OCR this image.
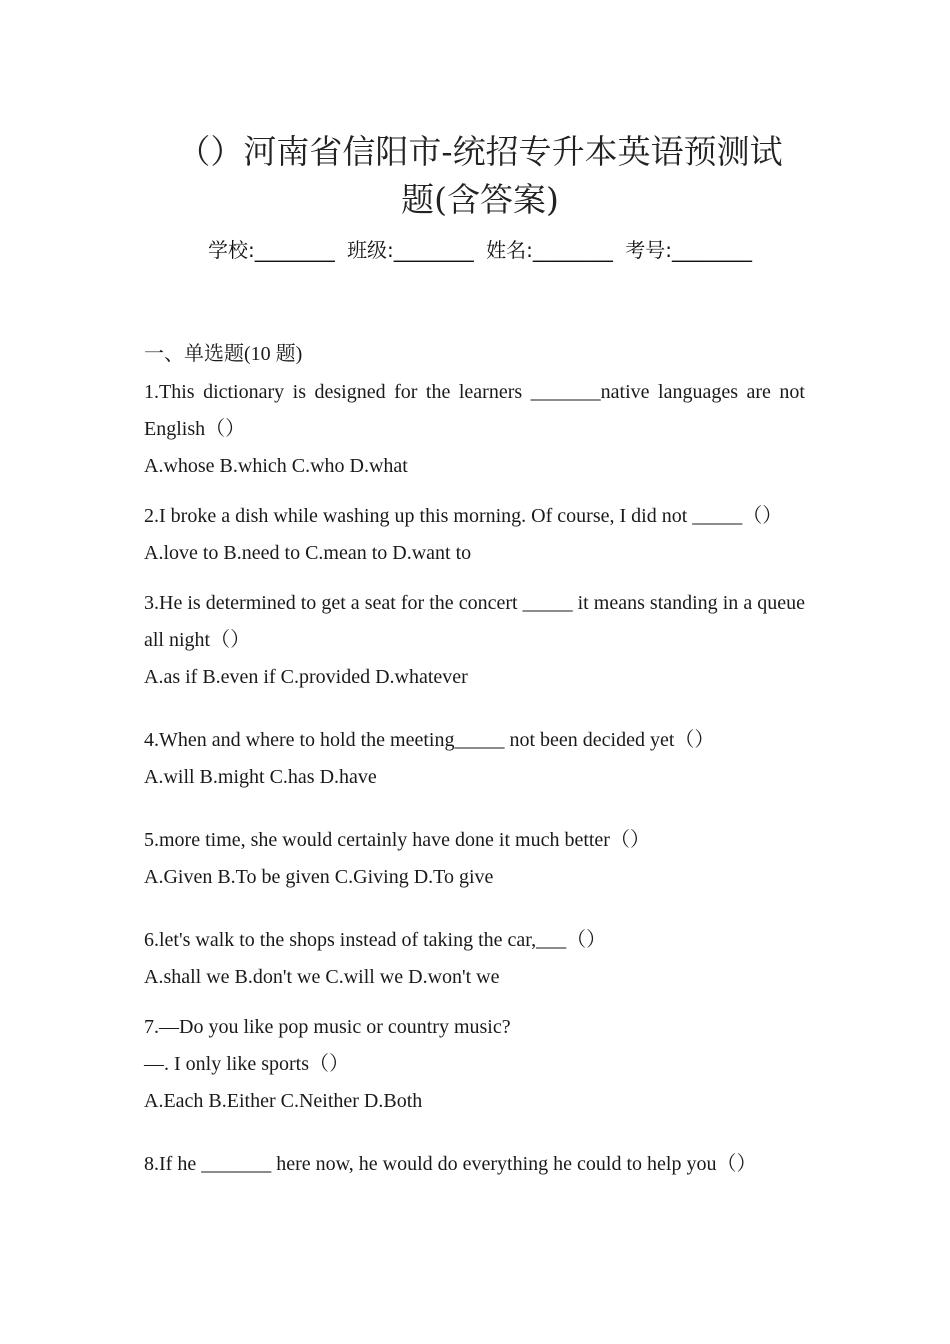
（）河南省信阳市-统招专升本英语预测试
题(含答案)
学校:________ 班级:________ 姓名:________ 考号:________

一、单选题(10 题)

1.This dictionary is designed for the learners _______native languages are not English（）

A.whose B.which C.who D.what

2.I broke a dish while washing up this morning. Of course, I did not _____（）

A.love to B.need to C.mean to D.want to

3.He is determined to get a seat for the concert _____ it means standing in a queue all night（）

A.as if B.even if C.provided D.whatever

4.When and where to hold the meeting_____ not been decided yet（）

A.will B.might C.has D.have

5.more time, she would certainly have done it much better（）

A.Given B.To be given C.Giving D.To give

6.let's walk to the shops instead of taking the car,___（）

A.shall we B.don't we C.will we D.won't we

7.—Do you like pop music or country music?

—. I only like sports（）

A.Each B.Either C.Neither D.Both

8.If he _______ here now, he would do everything he could to help you（）
